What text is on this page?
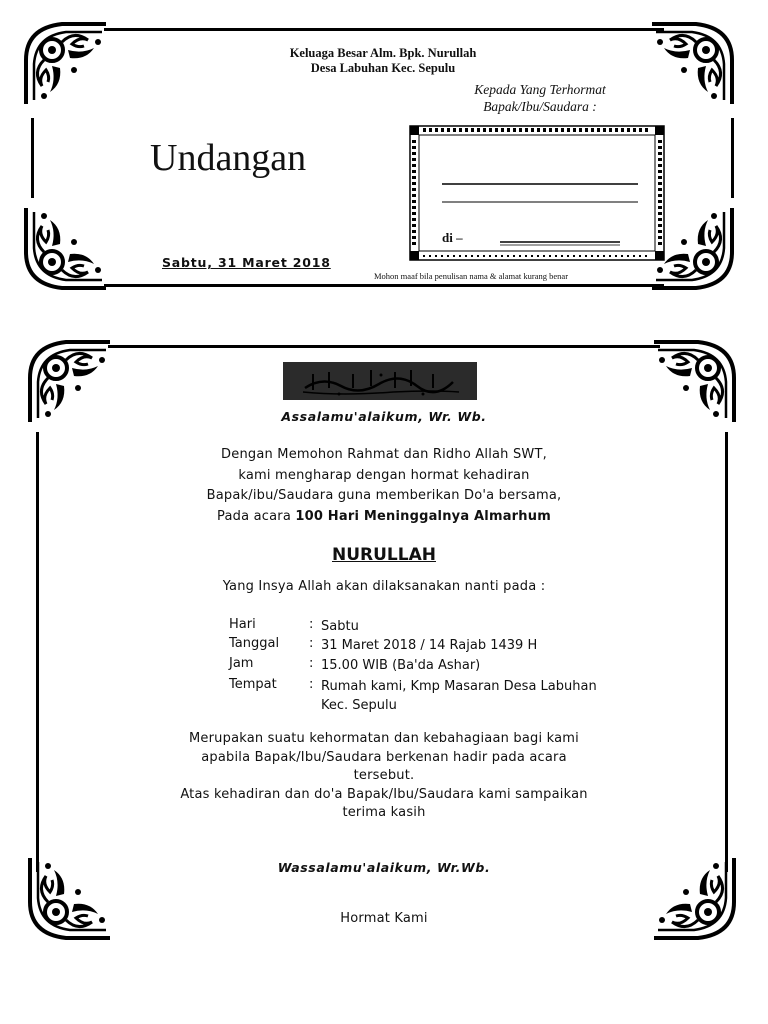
Keluaga Besar Alm. Bpk. Nurullah
Desa Labuhan Kec. Sepulu
Kepada Yang Terhormat
Bapak/Ibu/Saudara :
Undangan
Sabtu, 31 Maret 2018
di –
Mohon maaf bila penulisan nama & alamat kurang benar
Assalamu'alaikum, Wr. Wb.
Dengan Memohon Rahmat dan Ridho Allah SWT,
kami mengharap dengan hormat kehadiran
Bapak/ibu/Saudara guna memberikan Do'a bersama,
Pada acara 100 Hari Meninggalnya Almarhum
NURULLAH
Yang Insya Allah akan dilaksanakan nanti pada :
Hari	: Sabtu
Tanggal	: 31 Maret 2018 / 14 Rajab 1439 H
Jam	: 15.00 WIB (Ba'da Ashar)
Tempat	: Rumah kami, Kmp Masaran Desa Labuhan
Kec. Sepulu
Merupakan suatu kehormatan dan kebahagiaan bagi kami
apabila Bapak/Ibu/Saudara berkenan hadir pada acara
tersebut.
Atas kehadiran dan do'a Bapak/Ibu/Saudara kami sampaikan
terima kasih
Wassalamu'alaikum, Wr.Wb.
Hormat Kami
